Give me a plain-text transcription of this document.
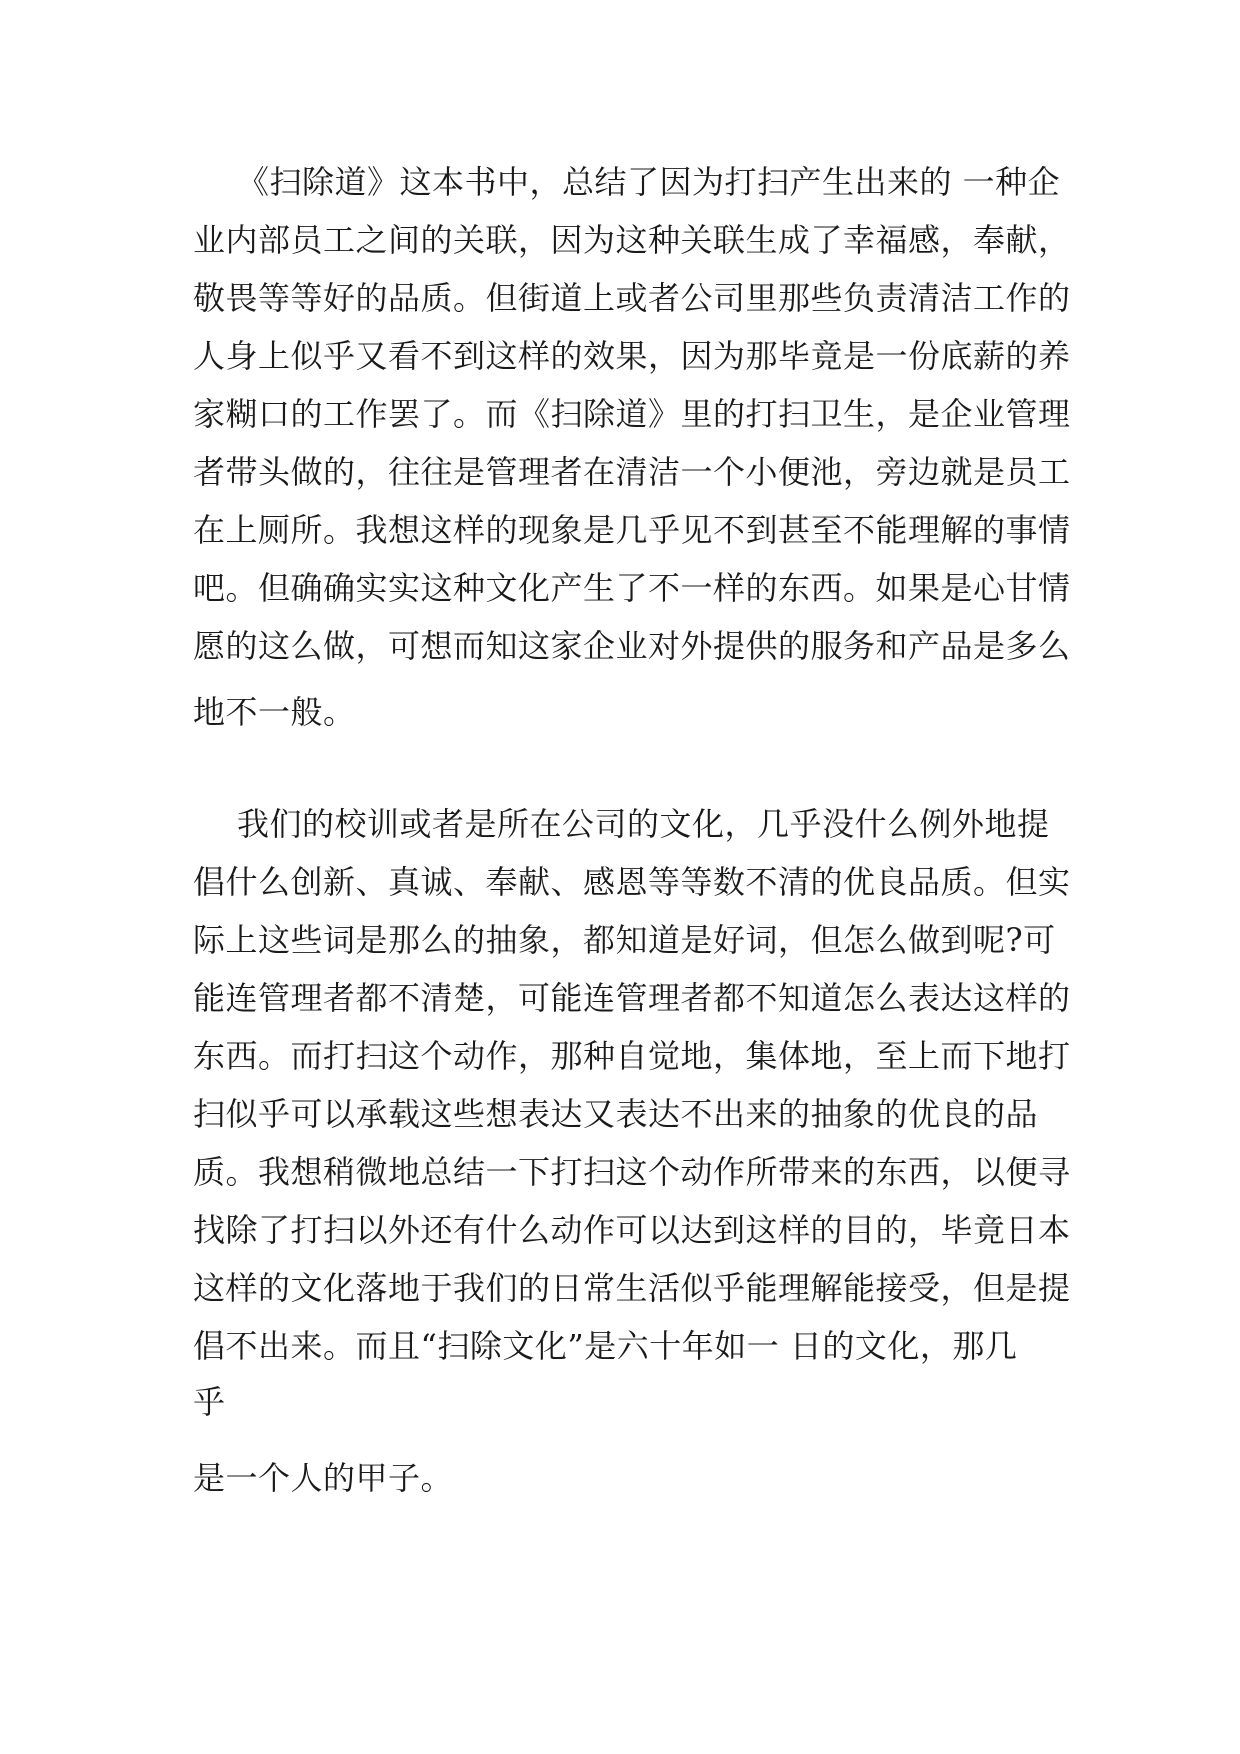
《扫除道》这本书中，总结了因为打扫产生出来的 一种企
业内部员工之间的关联，因为这种关联生成了幸福感，奉献，
敬畏等等好的品质。但街道上或者公司里那些负责清洁工作的
人身上似乎又看不到这样的效果，因为那毕竟是一份底薪的养
家糊口的工作罢了。而《扫除道》里的打扫卫生，是企业管理
者带头做的，往往是管理者在清洁一个小便池，旁边就是员工
在上厕所。我想这样的现象是几乎见不到甚至不能理解的事情
吧。但确确实实这种文化产生了不一样的东西。如果是心甘情
愿的这么做，可想而知这家企业对外提供的服务和产品是多么
地不一般。
我们的校训或者是所在公司的文化，几乎没什么例外地提
倡什么创新、真诚、奉献、感恩等等数不清的优良品质。但实
际上这些词是那么的抽象，都知道是好词，但怎么做到呢?可
能连管理者都不清楚，可能连管理者都不知道怎么表达这样的
东西。而打扫这个动作，那种自觉地，集体地，至上而下地打
扫似乎可以承载这些想表达又表达不出来的抽象的优良的品
质。我想稍微地总结一下打扫这个动作所带来的东西，以便寻
找除了打扫以外还有什么动作可以达到这样的目的，毕竟日本
这样的文化落地于我们的日常生活似乎能理解能接受，但是提
倡不出来。而且“扫除文化”是六十年如一 日的文化，那几
乎
是一个人的甲子。
